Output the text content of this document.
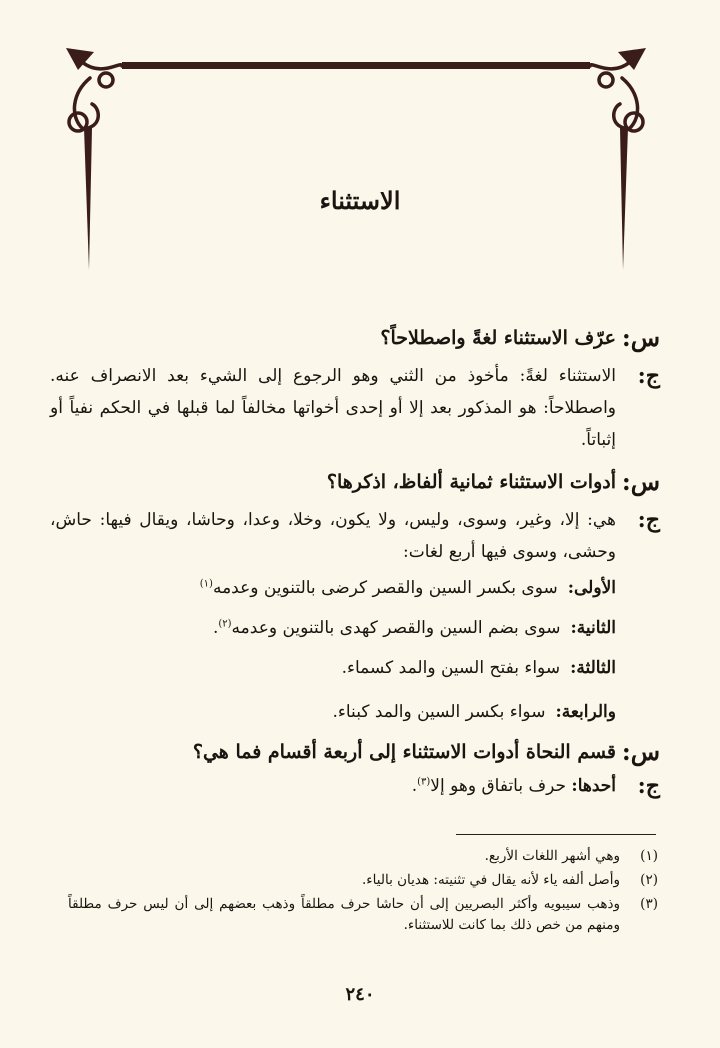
الاستثناء
س:
عرّف الاستثناء لغةً واصطلاحاً؟
ج:
الاستثناء لغةً: مأخوذ من الثني وهو الرجوع إلى الشيء بعد الانصراف عنه. واصطلاحاً: هو المذكور بعد إلا أو إحدى أخواتها مخالفاً لما قبلها في الحكم نفياً أو إثباتاً.
س:
أدوات الاستثناء ثمانية ألفاظ، اذكرها؟
ج:
هي: إلا، وغير، وسوى، وليس، ولا يكون، وخلا، وعدا، وحاشا، ويقال فيها: حاش، وحشى، وسوى فيها أربع لغات:
الأولى:
سوى بكسر السين والقصر كرضى بالتنوين وعدمه$^{(١)}$
الثانية:
سوى بضم السين والقصر كهدى بالتنوين وعدمه$^{(٢)}$.
الثالثة:
سواء بفتح السين والمد كسماء.
والرابعة:
سواء بكسر السين والمد كبناء.
س:
قسم النحاة أدوات الاستثناء إلى أربعة أقسام فما هي؟
ج:
أحدها: حرف باتفاق وهو إلا$^{(٣)}$.
(١)
وهي أشهر اللغات الأربع.
(٢)
وأصل ألفه ياء لأنه يقال في تثنيته: هديان بالياء.
(٣)
وذهب سيبويه وأكثر البصريين إلى أن حاشا حرف مطلقاً وذهب بعضهم إلى أن ليس حرف مطلقاً ومنهم من خص ذلك بما كانت للاستثناء.
٢٤٠
